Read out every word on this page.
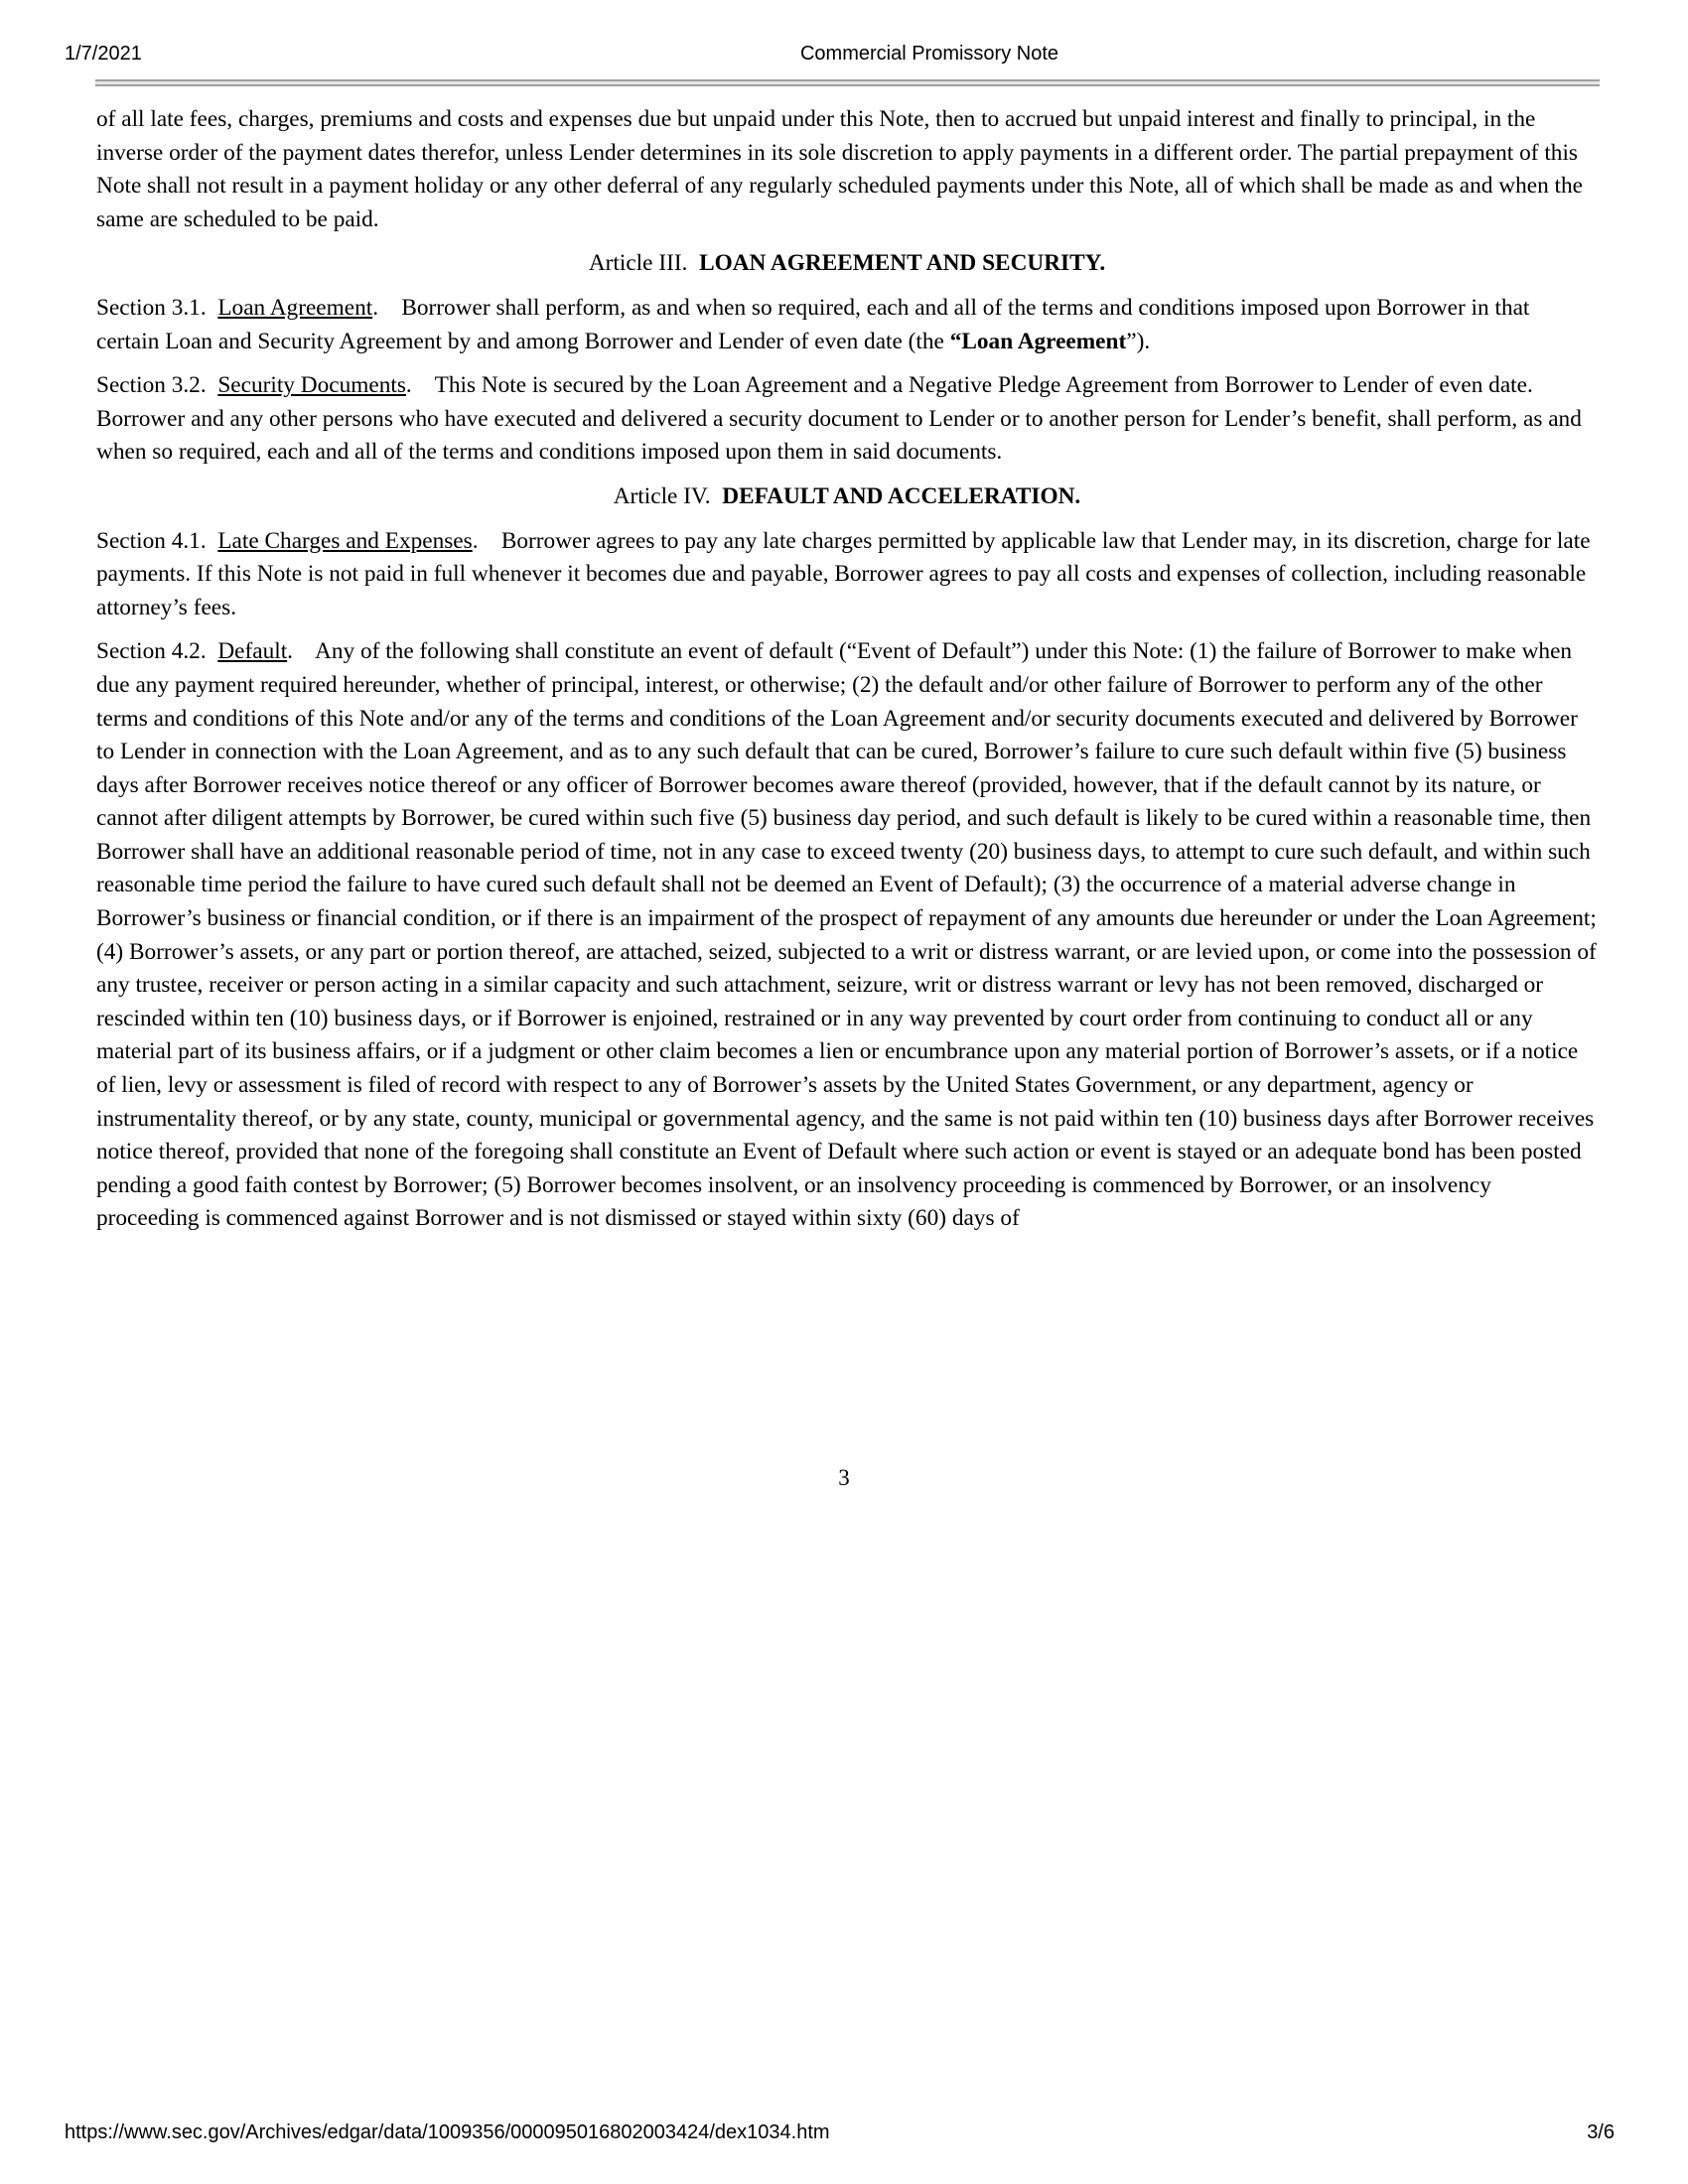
1/7/2021	Commercial Promissory Note

of all late fees, charges, premiums and costs and expenses due but unpaid under this Note, then to accrued but unpaid interest and finally to principal, in the inverse order of the payment dates therefor, unless Lender determines in its sole discretion to apply payments in a different order. The partial prepayment of this Note shall not result in a payment holiday or any other deferral of any regularly scheduled payments under this Note, all of which shall be made as and when the same are scheduled to be paid.

Article III. LOAN AGREEMENT AND SECURITY.

Section 3.1. Loan Agreement.    Borrower shall perform, as and when so required, each and all of the terms and conditions imposed upon Borrower in that certain Loan and Security Agreement by and among Borrower and Lender of even date (the “Loan Agreement”).

Section 3.2. Security Documents.    This Note is secured by the Loan Agreement and a Negative Pledge Agreement from Borrower to Lender of even date. Borrower and any other persons who have executed and delivered a security document to Lender or to another person for Lender’s benefit, shall perform, as and when so required, each and all of the terms and conditions imposed upon them in said documents.

Article IV. DEFAULT AND ACCELERATION.

Section 4.1. Late Charges and Expenses.    Borrower agrees to pay any late charges permitted by applicable law that Lender may, in its discretion, charge for late payments. If this Note is not paid in full whenever it becomes due and payable, Borrower agrees to pay all costs and expenses of collection, including reasonable attorney’s fees.

Section 4.2. Default.    Any of the following shall constitute an event of default (“Event of Default”) under this Note: (1) the failure of Borrower to make when due any payment required hereunder, whether of principal, interest, or otherwise; (2) the default and/or other failure of Borrower to perform any of the other terms and conditions of this Note and/or any of the terms and conditions of the Loan Agreement and/or security documents executed and delivered by Borrower to Lender in connection with the Loan Agreement, and as to any such default that can be cured, Borrower’s failure to cure such default within five (5) business days after Borrower receives notice thereof or any officer of Borrower becomes aware thereof (provided, however, that if the default cannot by its nature, or cannot after diligent attempts by Borrower, be cured within such five (5) business day period, and such default is likely to be cured within a reasonable time, then Borrower shall have an additional reasonable period of time, not in any case to exceed twenty (20) business days, to attempt to cure such default, and within such reasonable time period the failure to have cured such default shall not be deemed an Event of Default); (3) the occurrence of a material adverse change in Borrower’s business or financial condition, or if there is an impairment of the prospect of repayment of any amounts due hereunder or under the Loan Agreement; (4) Borrower’s assets, or any part or portion thereof, are attached, seized, subjected to a writ or distress warrant, or are levied upon, or come into the possession of any trustee, receiver or person acting in a similar capacity and such attachment, seizure, writ or distress warrant or levy has not been removed, discharged or rescinded within ten (10) business days, or if Borrower is enjoined, restrained or in any way prevented by court order from continuing to conduct all or any material part of its business affairs, or if a judgment or other claim becomes a lien or encumbrance upon any material portion of Borrower’s assets, or if a notice of lien, levy or assessment is filed of record with respect to any of Borrower’s assets by the United States Government, or any department, agency or instrumentality thereof, or by any state, county, municipal or governmental agency, and the same is not paid within ten (10) business days after Borrower receives notice thereof, provided that none of the foregoing shall constitute an Event of Default where such action or event is stayed or an adequate bond has been posted pending a good faith contest by Borrower; (5) Borrower becomes insolvent, or an insolvency proceeding is commenced by Borrower, or an insolvency proceeding is commenced against Borrower and is not dismissed or stayed within sixty (60) days of

3
https://www.sec.gov/Archives/edgar/data/1009356/000095016802003424/dex1034.htm	3/6
